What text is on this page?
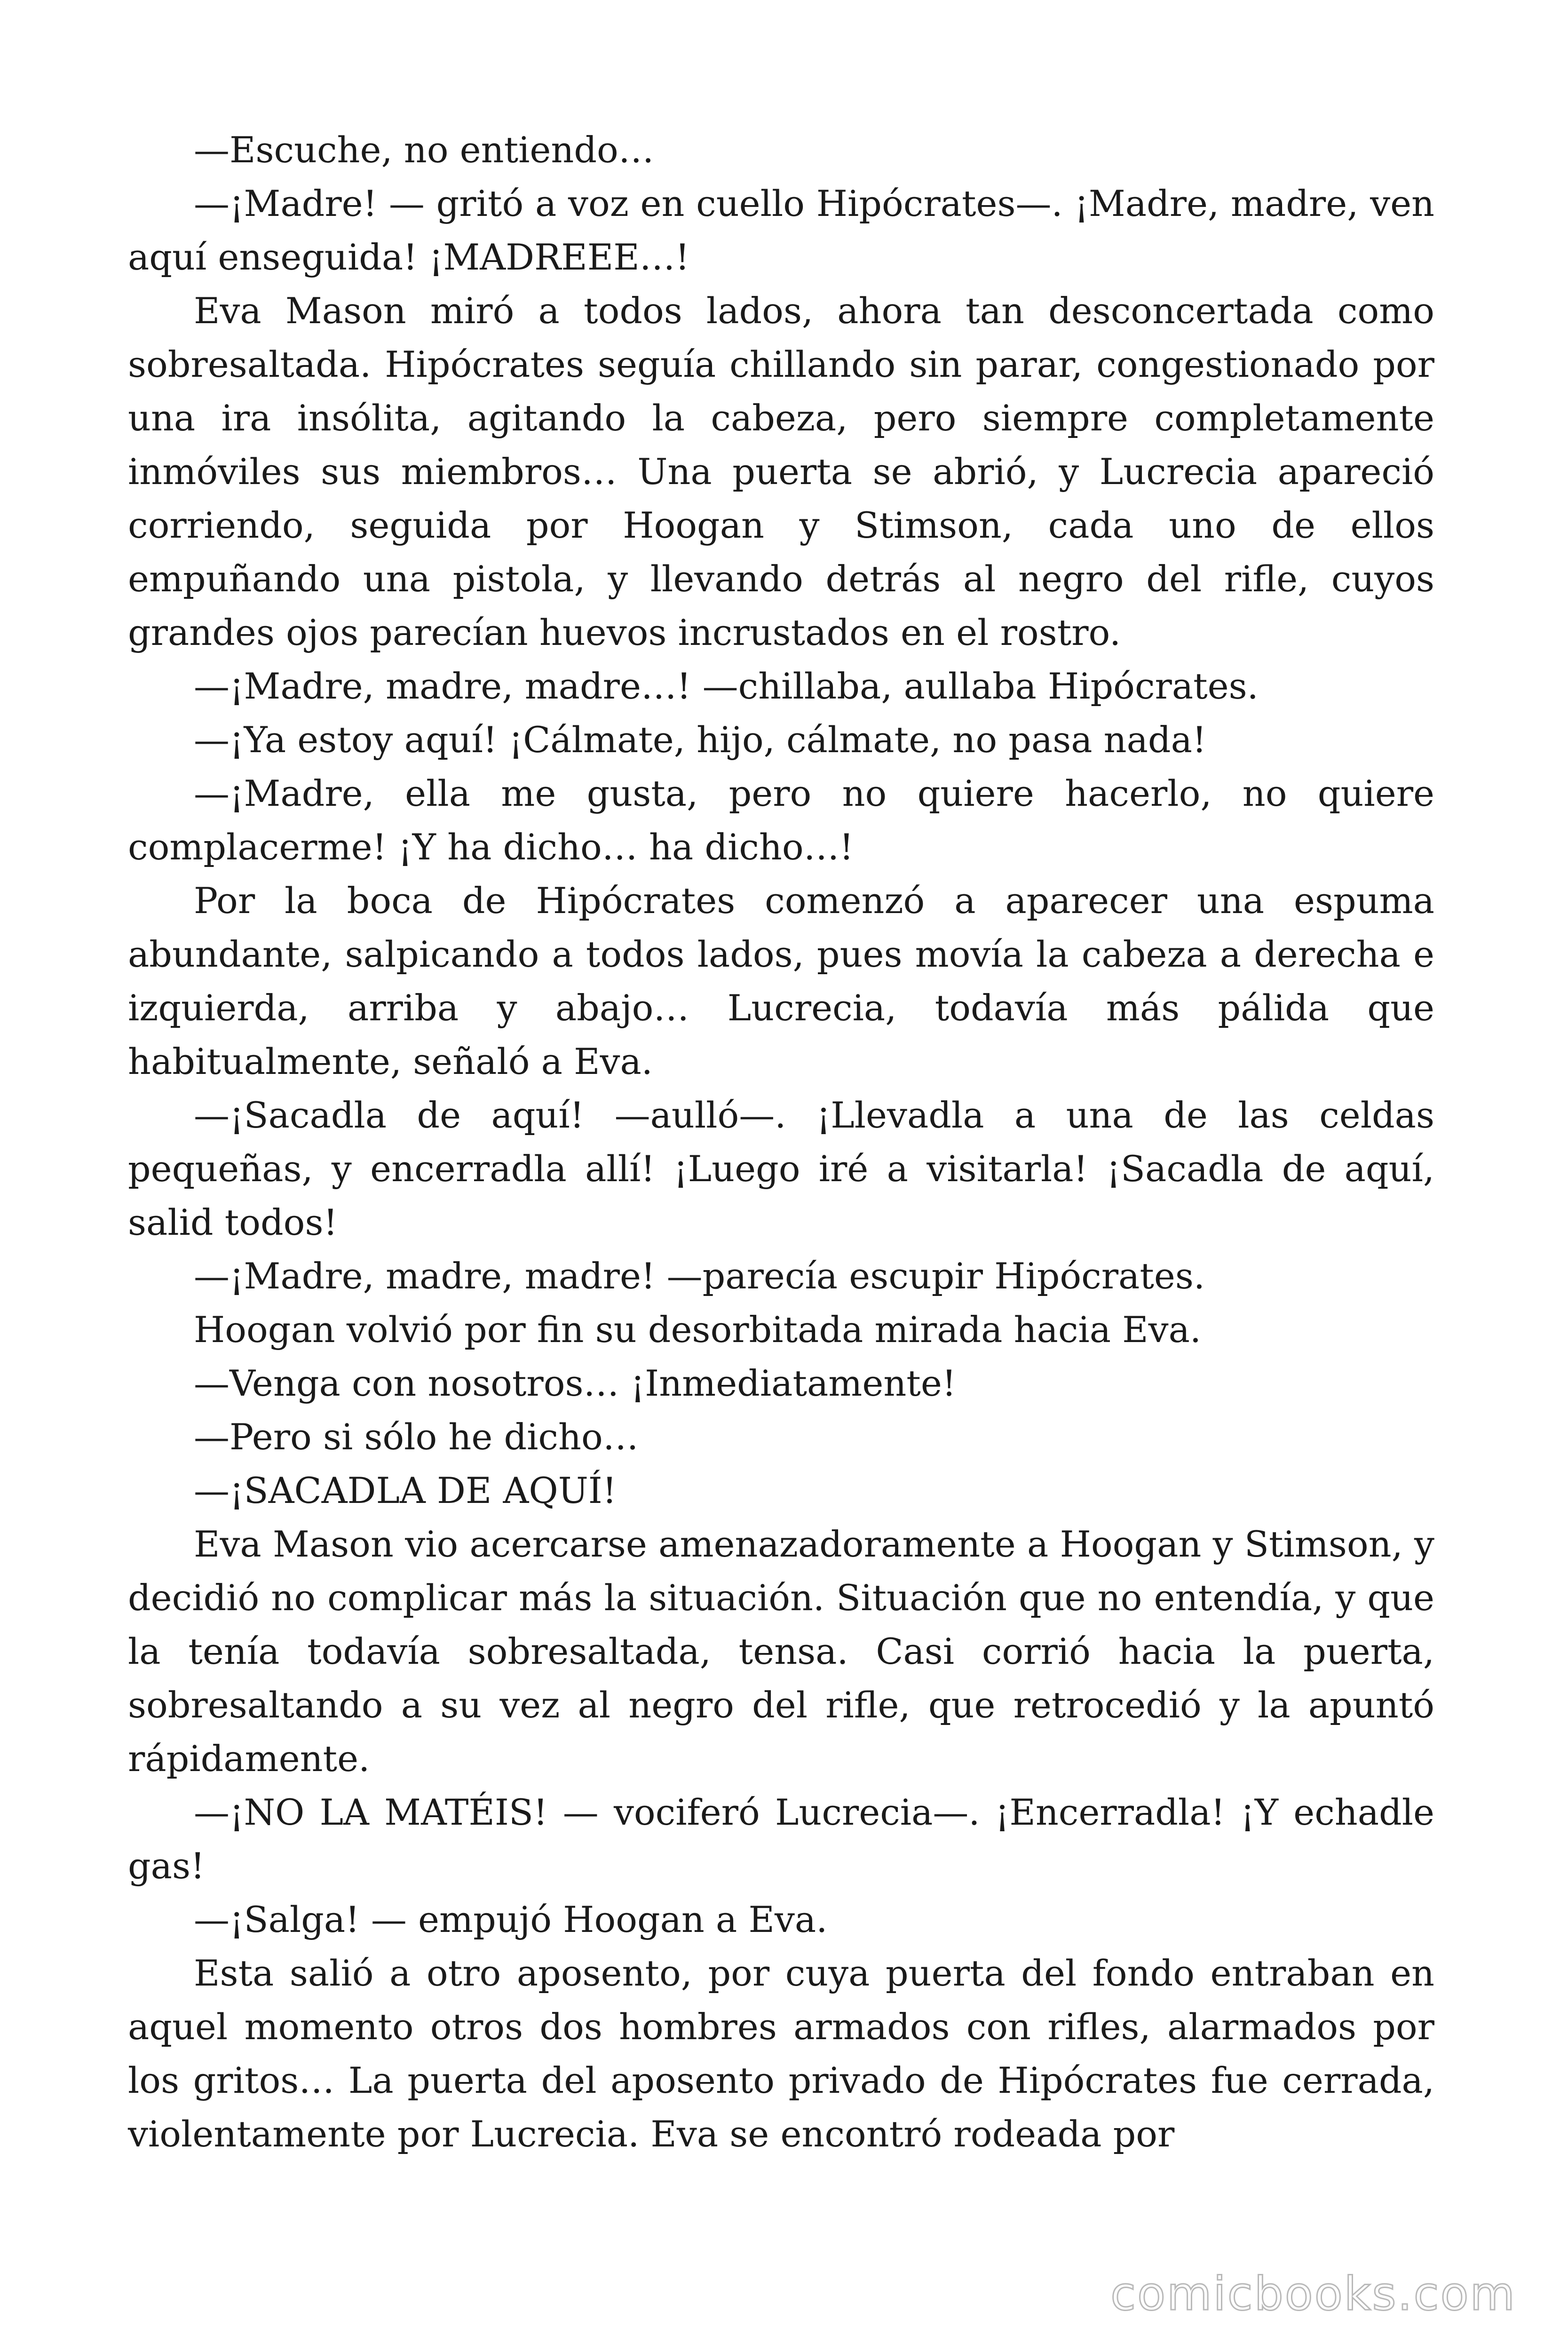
—Escuche, no entiendo…

—¡Madre! — gritó a voz en cuello Hipócrates—. ¡Madre, madre, ven aquí enseguida! ¡MADREEE…!

Eva Mason miró a todos lados, ahora tan desconcertada como sobresaltada. Hipócrates seguía chillando sin parar, congestionado por una ira insólita, agitando la cabeza, pero siempre completamente inmóviles sus miembros… Una puerta se abrió, y Lucrecia apareció corriendo, seguida por Hoogan y Stimson, cada uno de ellos empuñando una pistola, y llevando detrás al negro del rifle, cuyos grandes ojos parecían huevos incrustados en el rostro.

—¡Madre, madre, madre…! —chillaba, aullaba Hipócrates.

—¡Ya estoy aquí! ¡Cálmate, hijo, cálmate, no pasa nada!

—¡Madre, ella me gusta, pero no quiere hacerlo, no quiere complacerme! ¡Y ha dicho… ha dicho…!

Por la boca de Hipócrates comenzó a aparecer una espuma abundante, salpicando a todos lados, pues movía la cabeza a derecha e izquierda, arriba y abajo… Lucrecia, todavía más pálida que habitualmente, señaló a Eva.

—¡Sacadla de aquí! —aulló—. ¡Llevadla a una de las celdas pequeñas, y encerradla allí! ¡Luego iré a visitarla! ¡Sacadla de aquí, salid todos!

—¡Madre, madre, madre! —parecía escupir Hipócrates.

Hoogan volvió por fin su desorbitada mirada hacia Eva.

—Venga con nosotros… ¡Inmediatamente!

—Pero si sólo he dicho…

—¡SACADLA DE AQUÍ!

Eva Mason vio acercarse amenazadoramente a Hoogan y Stimson, y decidió no complicar más la situación. Situación que no entendía, y que la tenía todavía sobresaltada, tensa. Casi corrió hacia la puerta, sobresaltando a su vez al negro del rifle, que retrocedió y la apuntó rápidamente.

—¡NO LA MATÉIS! — vociferó Lucrecia—. ¡Encerradla! ¡Y echadle gas!

—¡Salga! — empujó Hoogan a Eva.

Esta salió a otro aposento, por cuya puerta del fondo entraban en aquel momento otros dos hombres armados con rifles, alarmados por los gritos… La puerta del aposento privado de Hipócrates fue cerrada, violentamente por Lucrecia. Eva se encontró rodeada por

comicbooks.com
